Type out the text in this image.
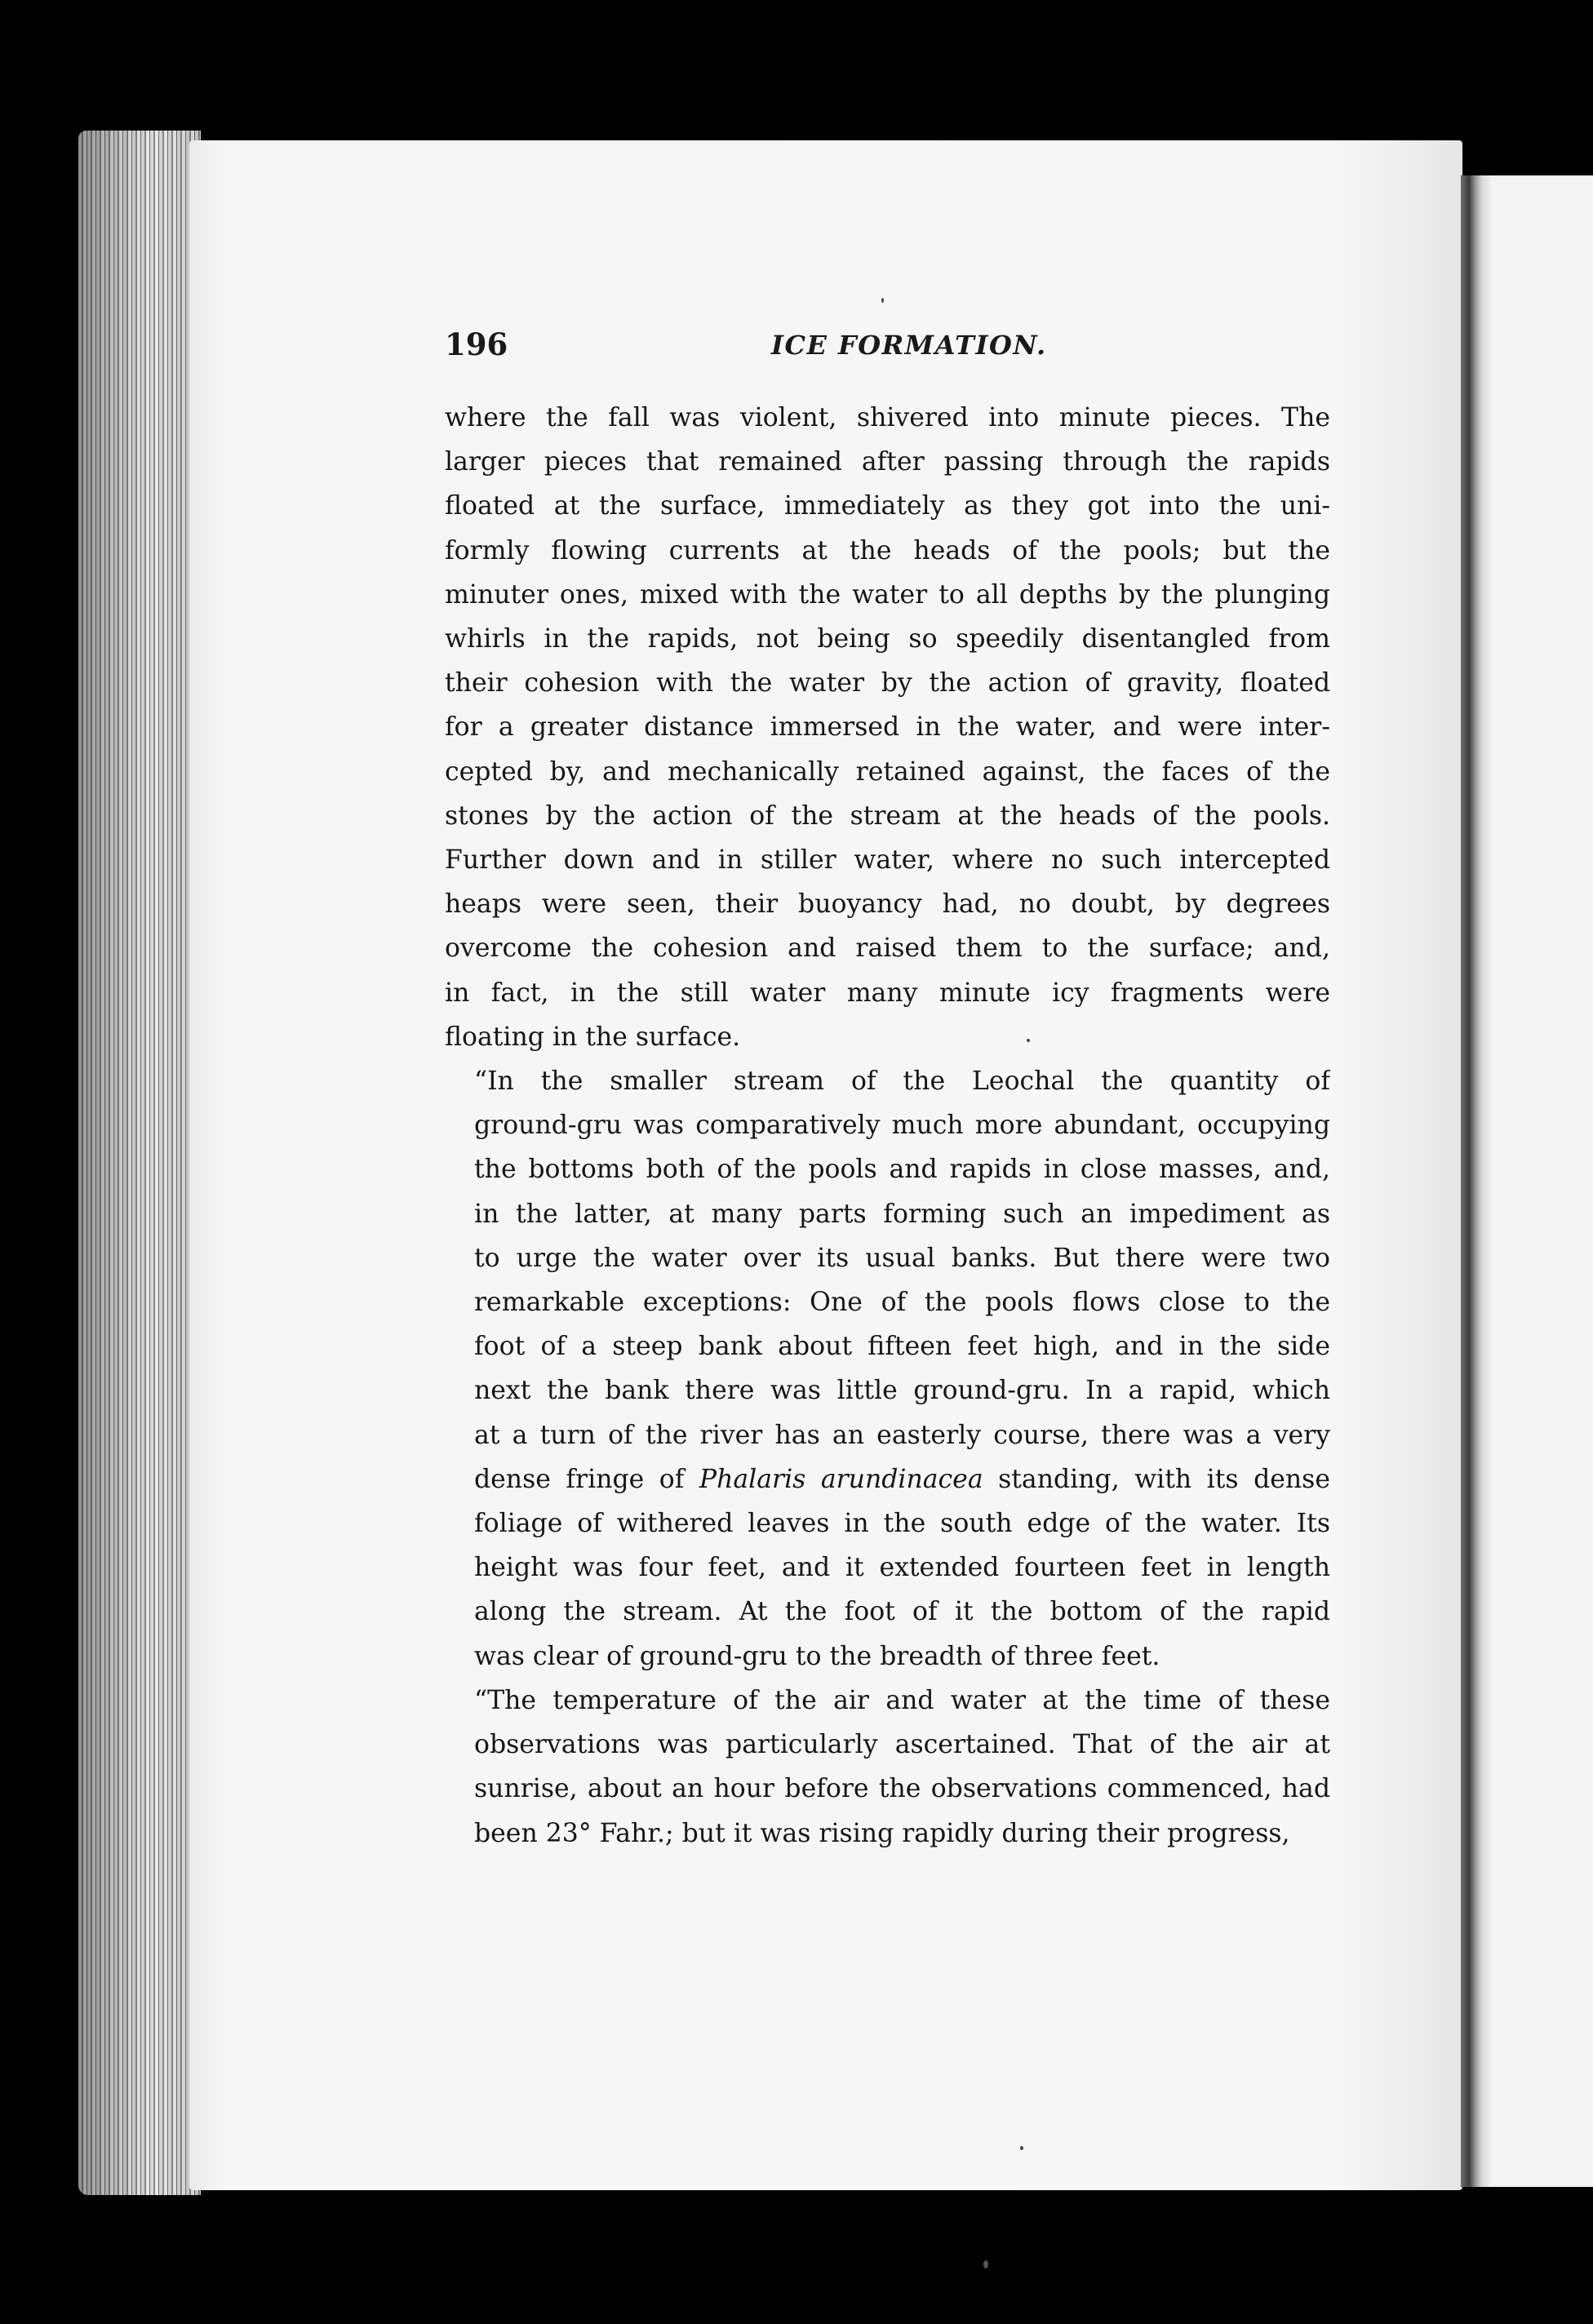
196	ICE FORMATION.
where the fall was violent, shivered into minute pieces. The
larger pieces that remained after passing through the rapids
floated at the surface, immediately as they got into the uni-
formly flowing currents at the heads of the pools; but the
minuter ones, mixed with the water to all depths by the plunging
whirls in the rapids, not being so speedily disentangled from
their cohesion with the water by the action of gravity, floated
for a greater distance immersed in the water, and were inter-
cepted by, and mechanically retained against, the faces of the
stones by the action of the stream at the heads of the pools.
Further down and in stiller water, where no such intercepted
heaps were seen, their buoyancy had, no doubt, by degrees
overcome the cohesion and raised them to the surface; and,
in fact, in the still water many minute icy fragments were
floating in the surface.
“In the smaller stream of the Leochal the quantity of
ground-gru was comparatively much more abundant, occupying
the bottoms both of the pools and rapids in close masses, and,
in the latter, at many parts forming such an impediment as
to urge the water over its usual banks. But there were two
remarkable exceptions: One of the pools flows close to the
foot of a steep bank about fifteen feet high, and in the side
next the bank there was little ground-gru. In a rapid, which
at a turn of the river has an easterly course, there was a very
dense fringe of Phalaris arundinacea standing, with its dense
foliage of withered leaves in the south edge of the water. Its
height was four feet, and it extended fourteen feet in length
along the stream. At the foot of it the bottom of the rapid
was clear of ground-gru to the breadth of three feet.
“The temperature of the air and water at the time of these
observations was particularly ascertained. That of the air at
sunrise, about an hour before the observations commenced, had
been 23° Fahr.; but it was rising rapidly during their progress,
